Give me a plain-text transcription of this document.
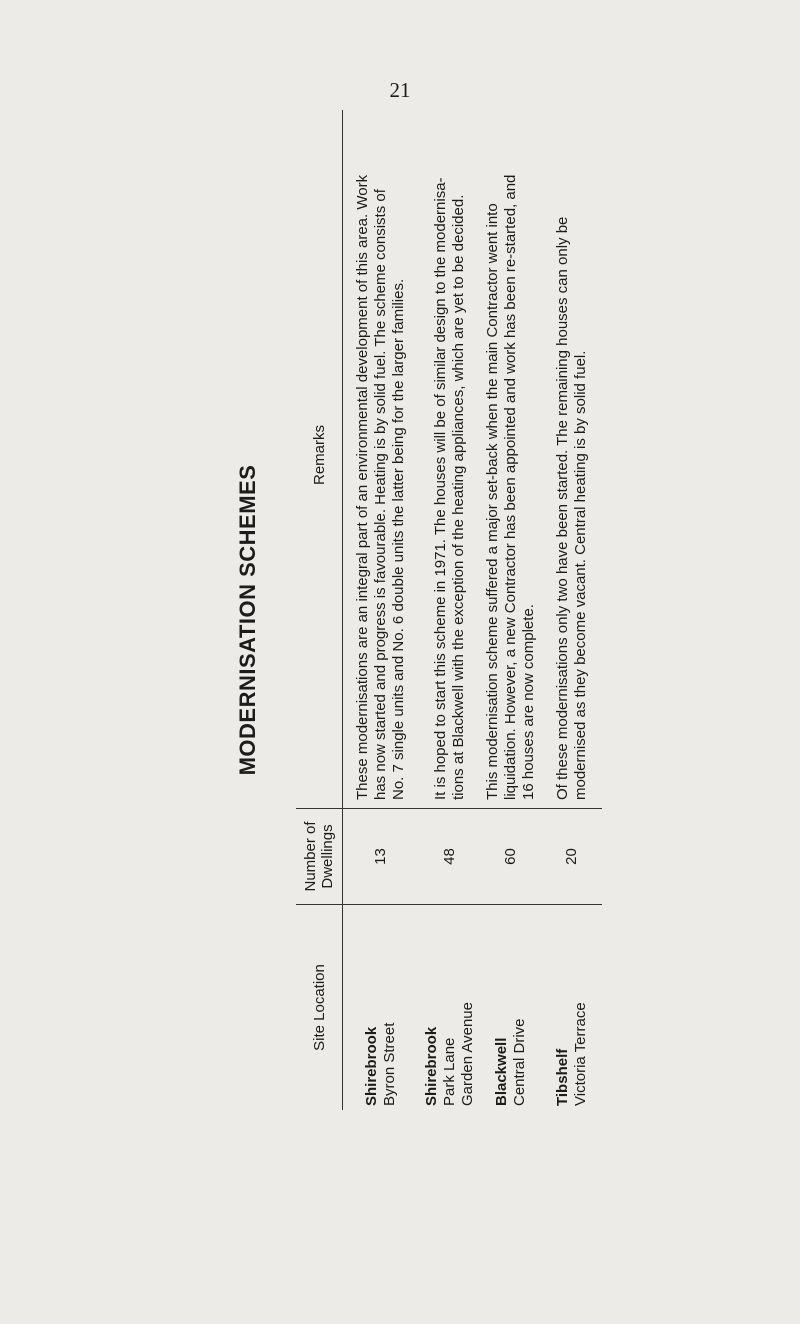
21
MODERNISATION SCHEMES
Site Location	Number of Dwellings	Remarks

Shirebrook Byron Street	13	These modernisations are an integral part of an environmental development of this area. Work has now started and progress is favourable. Heating is by solid fuel. The scheme consists of No. 7 single units and No. 6 double units the latter being for the larger families.

Shirebrook Park Lane Garden Avenue	48	It is hoped to start this scheme in 1971. The houses will be of similar design to the modernisa- tions at Blackwell with the exception of the heating appliances, which are yet to be decided.

Blackwell Central Drive	60	This modernisation scheme suffered a major set-back when the main Contractor went into liquidation. However, a new Contractor has been appointed and work has been re-started, and 16 houses are now complete.

Tibshelf Victoria Terrace	20	Of these modernisations only two have been started. The remaining houses can only be modernised as they become vacant. Central heating is by solid fuel.
